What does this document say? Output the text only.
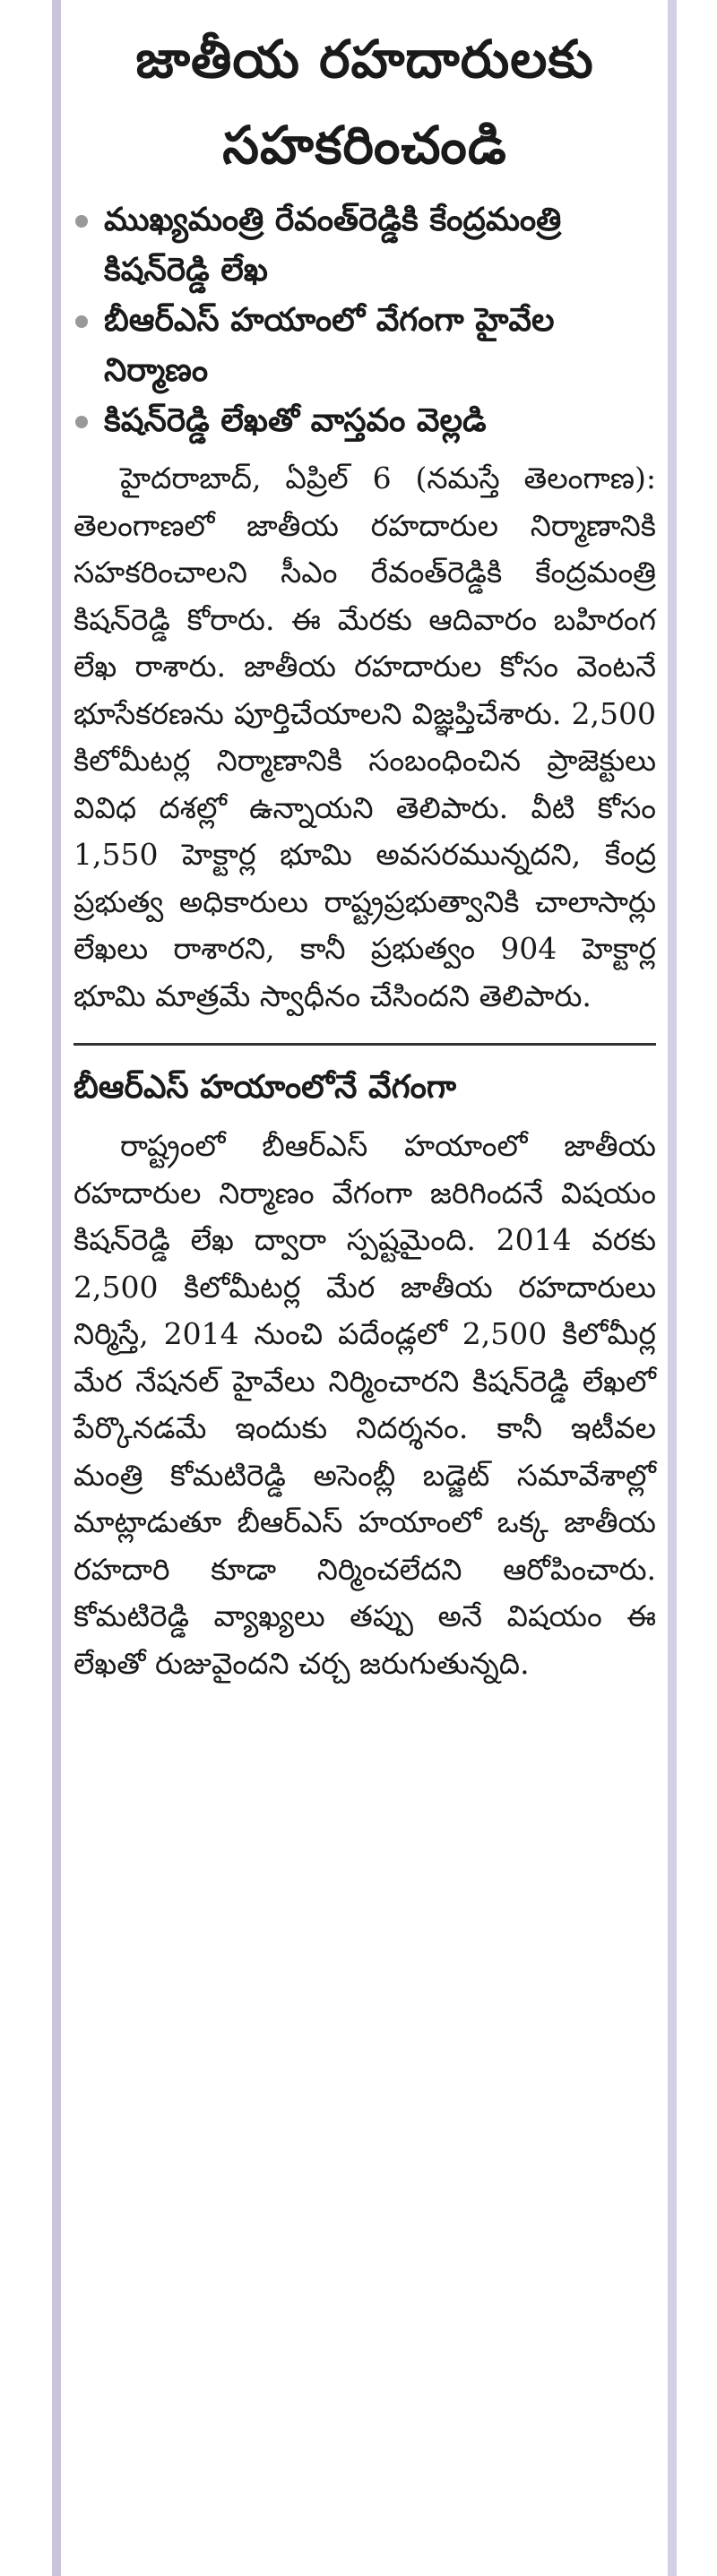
జాతీయ రహదారులకు
సహకరించండి
ముఖ్యమంత్రి రేవంత్‌రెడ్డికి కేంద్రమంత్రి కిషన్‌రెడ్డి లేఖ
బీఆర్‌ఎస్ హయాంలో వేగంగా హైవేల నిర్మాణం
కిషన్‌రెడ్డి లేఖతో వాస్తవం వెల్లడి

హైదరాబాద్, ఏప్రిల్ 6 (నమస్తే తెలంగాణ): తెలంగాణలో జాతీయ రహదారుల నిర్మాణానికి సహకరించాలని సీఎం రేవంత్‌రెడ్డికి కేంద్రమంత్రి కిషన్‌రెడ్డి కోరారు. ఈ మేరకు ఆదివారం బహిరంగ లేఖ రాశారు. జాతీయ రహదారుల కోసం వెంటనే భూసేకరణను పూర్తిచేయాలని విజ్ఞప్తిచేశారు. 2,500 కిలోమీటర్ల నిర్మాణానికి సంబంధించిన ప్రాజెక్టులు వివిధ దశల్లో ఉన్నాయని తెలిపారు. వీటి కోసం 1,550 హెక్టార్ల భూమి అవసరమున్నదని, కేంద్ర ప్రభుత్వ అధికారులు రాష్ట్రప్రభుత్వానికి చాలాసార్లు లేఖలు రాశారని, కానీ ప్రభుత్వం 904 హెక్టార్ల భూమి మాత్రమే స్వాధీనం చేసిందని తెలిపారు.

బీఆర్‌ఎస్ హయాంలోనే వేగంగా

రాష్ట్రంలో బీఆర్‌ఎస్ హయాంలో జాతీయ రహదారుల నిర్మాణం వేగంగా జరిగిందనే విషయం కిషన్‌రెడ్డి లేఖ ద్వారా స్పష్టమైంది. 2014 వరకు 2,500 కిలోమీటర్ల మేర జాతీయ రహదారులు నిర్మిస్తే, 2014 నుంచి పదేండ్లలో 2,500 కిలోమీర్ల మేర నేషనల్ హైవేలు నిర్మించారని కిషన్‌రెడ్డి లేఖలో పేర్కొనడమే ఇందుకు నిదర్శనం. కానీ ఇటీవల మంత్రి కోమటిరెడ్డి అసెంబ్లీ బడ్జెట్ సమావేశాల్లో మాట్లాడుతూ బీఆర్‌ఎస్ హయాంలో ఒక్క జాతీయ రహదారి కూడా నిర్మించలేదని ఆరోపించారు. కోమటిరెడ్డి వ్యాఖ్యలు తప్పు అనే విషయం ఈ లేఖతో రుజువైందని చర్చ జరుగుతున్నది.
